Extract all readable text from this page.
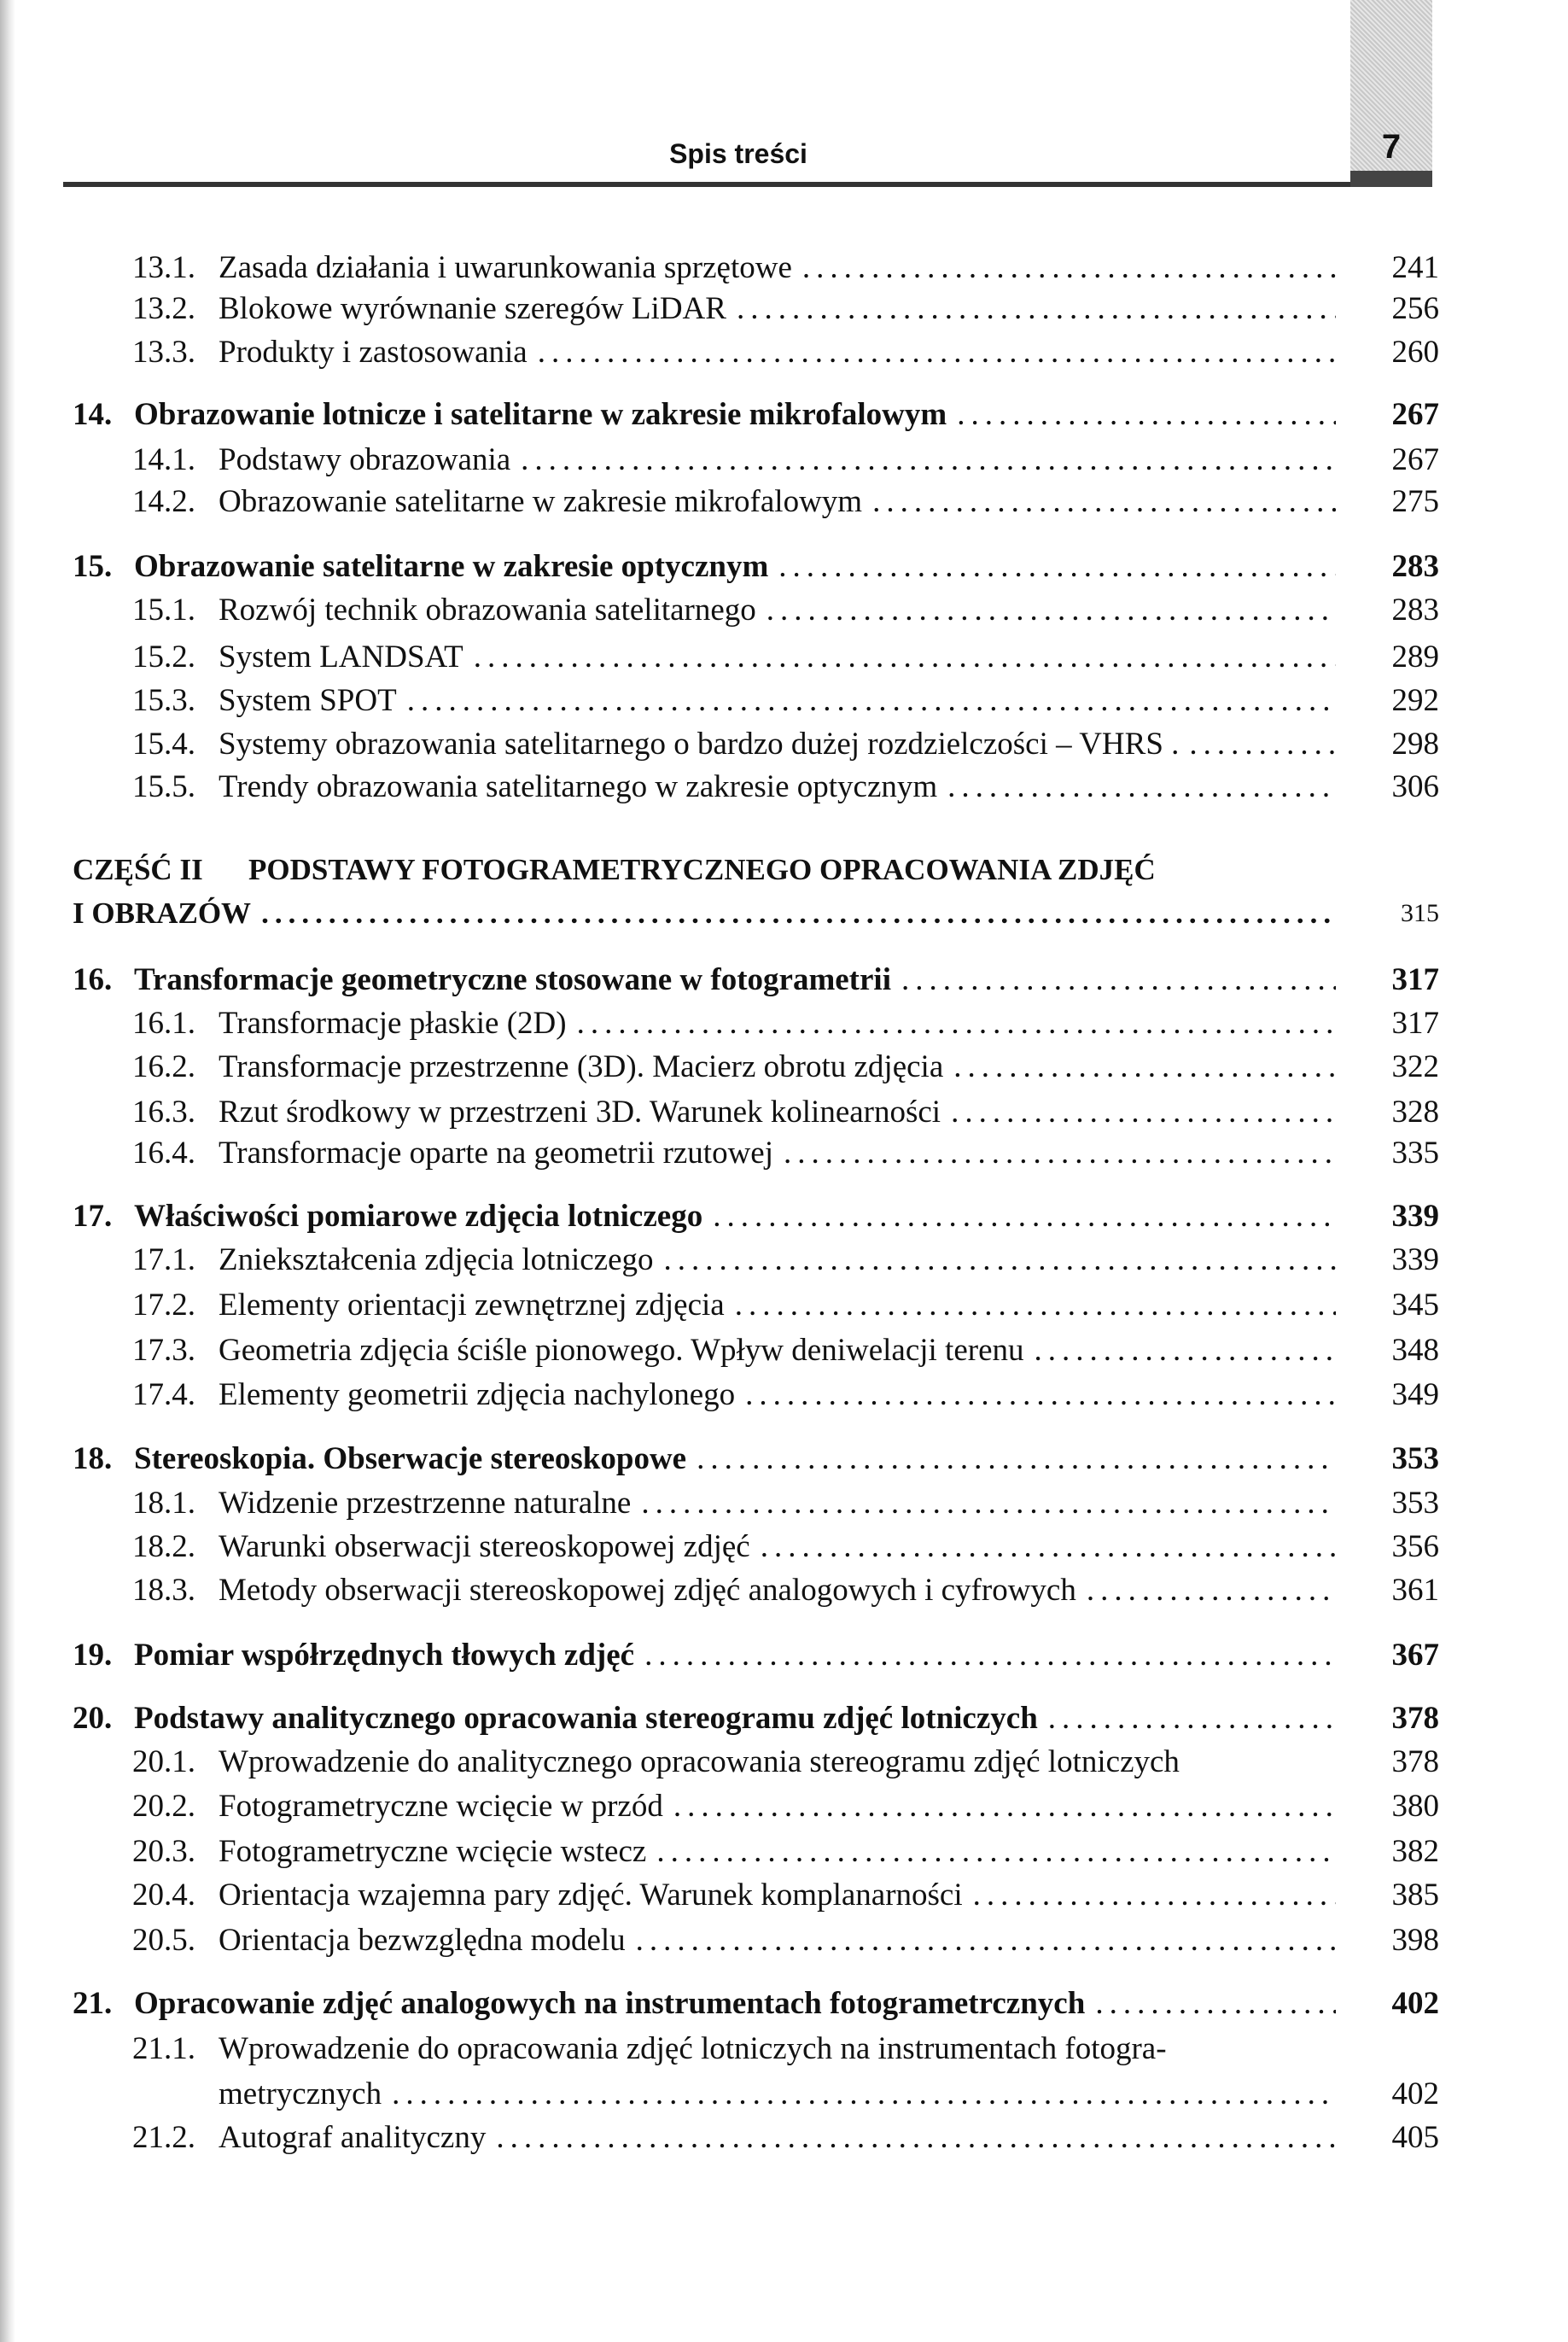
7
Spis treści
13.1. Zasada działania i uwarunkowania sprzętowe .....	241
13.2. Blokowe wyrównanie szeregów LiDAR .....	256
13.3. Produkty i zastosowania .....	260
14. Obrazowanie lotnicze i satelitarne w zakresie mikrofalowym .....	267
14.1. Podstawy obrazowania .....	267
14.2. Obrazowanie satelitarne w zakresie mikrofalowym .....	275
15. Obrazowanie satelitarne w zakresie optycznym .....	283
15.1. Rozwój technik obrazowania satelitarnego .....	283
15.2. System LANDSAT .....	289
15.3. System SPOT .....	292
15.4. Systemy obrazowania satelitarnego o bardzo dużej rozdzielczości – VHRS . .....	298
15.5. Trendy obrazowania satelitarnego w zakresie optycznym .....	306
CZĘŚĆ II PODSTAWY FOTOGRAMETRYCZNEGO OPRACOWANIA ZDJĘĆ
I OBRAZÓW .....	315
16. Transformacje geometryczne stosowane w fotogrametrii .....	317
16.1. Transformacje płaskie (2D) .....	317
16.2. Transformacje przestrzenne (3D). Macierz obrotu zdjęcia .....	322
16.3. Rzut środkowy w przestrzeni 3D. Warunek kolinearności .....	328
16.4. Transformacje oparte na geometrii rzutowej .....	335
17. Właściwości pomiarowe zdjęcia lotniczego .....	339
17.1. Zniekształcenia zdjęcia lotniczego .....	339
17.2. Elementy orientacji zewnętrznej zdjęcia .....	345
17.3. Geometria zdjęcia ściśle pionowego. Wpływ deniwelacji terenu .....	348
17.4. Elementy geometrii zdjęcia nachylonego .....	349
18. Stereoskopia. Obserwacje stereoskopowe .....	353
18.1. Widzenie przestrzenne naturalne .....	353
18.2. Warunki obserwacji stereoskopowej zdjęć .....	356
18.3. Metody obserwacji stereoskopowej zdjęć analogowych i cyfrowych .....	361
19. Pomiar współrzędnych tłowych zdjęć .....	367
20. Podstawy analitycznego opracowania stereogramu zdjęć lotniczych .....	378
20.1. Wprowadzenie do analitycznego opracowania stereogramu zdjęć lotniczych	378
20.2. Fotogrametryczne wcięcie w przód .....	380
20.3. Fotogrametryczne wcięcie wstecz .....	382
20.4. Orientacja wzajemna pary zdjęć. Warunek komplanarności .....	385
20.5. Orientacja bezwzględna modelu .....	398
21. Opracowanie zdjęć analogowych na instrumentach fotogrametrcznych .....	402
21.1. Wprowadzenie do opracowania zdjęć lotniczych na instrumentach fotogra-
metrycznych .....	402
21.2. Autograf analityczny .....	405
